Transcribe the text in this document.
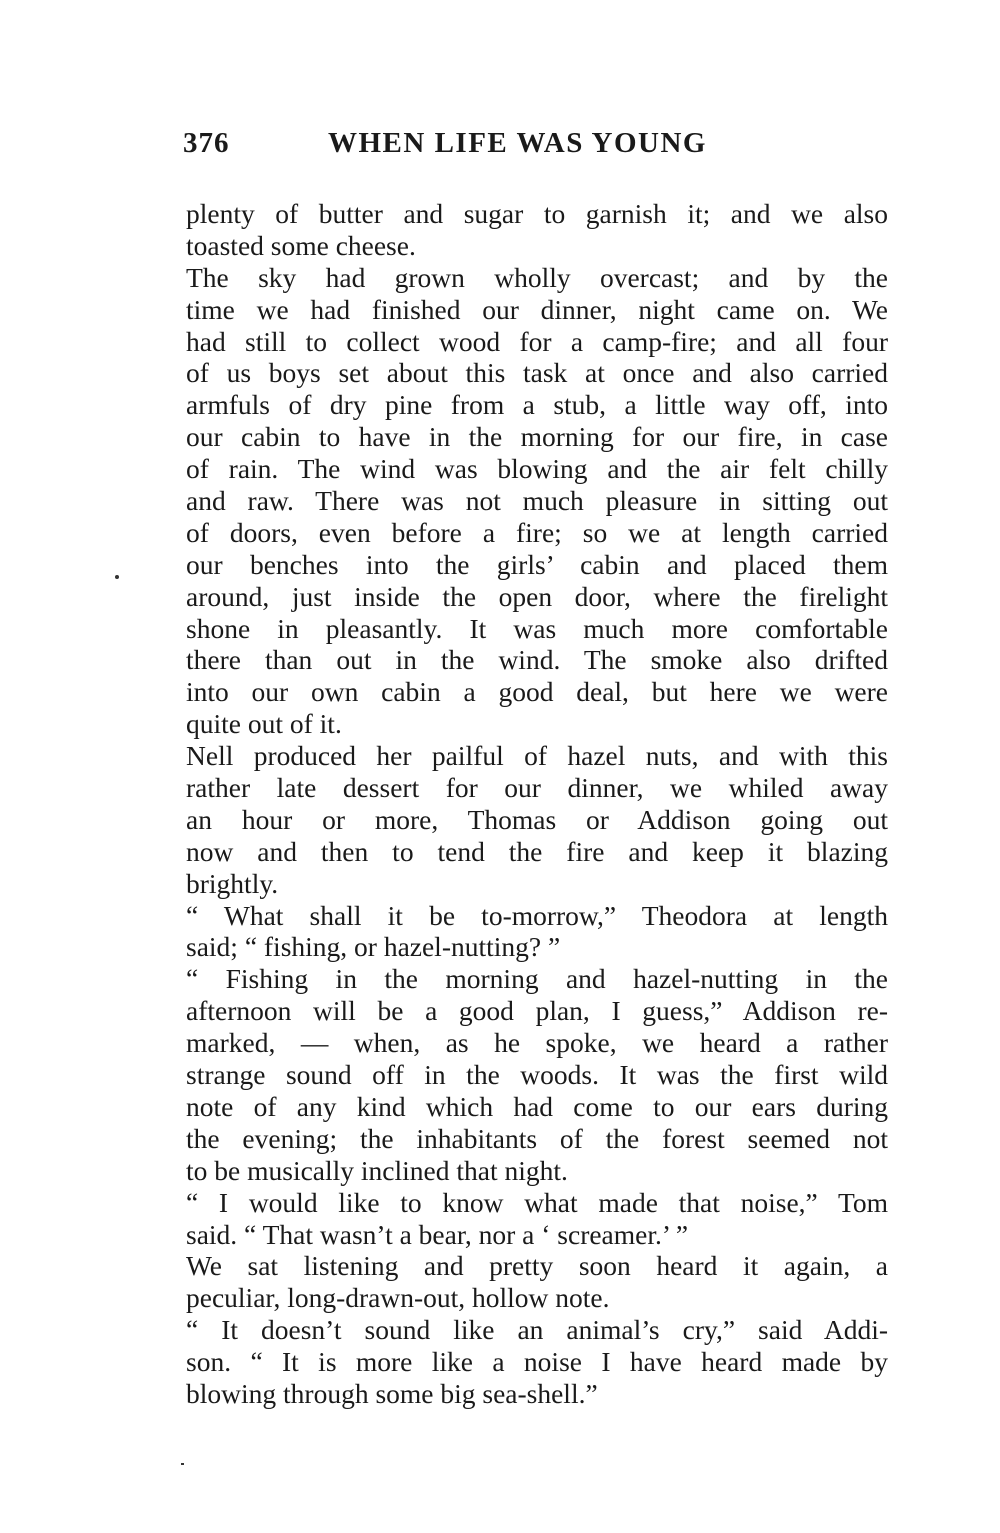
376	WHEN LIFE WAS YOUNG
plenty of butter and sugar to garnish it; and we also
toasted some cheese.
The sky had grown wholly overcast; and by the
time we had finished our dinner, night came on. We
had still to collect wood for a camp-fire; and all four
of us boys set about this task at once and also carried
armfuls of dry pine from a stub, a little way off, into
our cabin to have in the morning for our fire, in case
of rain. The wind was blowing and the air felt chilly
and raw. There was not much pleasure in sitting out
of doors, even before a fire; so we at length carried
our benches into the girls’ cabin and placed them
around, just inside the open door, where the firelight
shone in pleasantly. It was much more comfortable
there than out in the wind. The smoke also drifted
into our own cabin a good deal, but here we were
quite out of it.
Nell produced her pailful of hazel nuts, and with this
rather late dessert for our dinner, we whiled away
an hour or more, Thomas or Addison going out
now and then to tend the fire and keep it blazing
brightly.
“ What shall it be to-morrow,” Theodora at length
said; “ fishing, or hazel-nutting? ”
“ Fishing in the morning and hazel-nutting in the
afternoon will be a good plan, I guess,” Addison re-
marked, — when, as he spoke, we heard a rather
strange sound off in the woods. It was the first wild
note of any kind which had come to our ears during
the evening; the inhabitants of the forest seemed not
to be musically inclined that night.
“ I would like to know what made that noise,” Tom
said. “ That wasn’t a bear, nor a ‘ screamer.’ ”
We sat listening and pretty soon heard it again, a
peculiar, long-drawn-out, hollow note.
“ It doesn’t sound like an animal’s cry,” said Addi-
son. “ It is more like a noise I have heard made by
blowing through some big sea-shell.”
